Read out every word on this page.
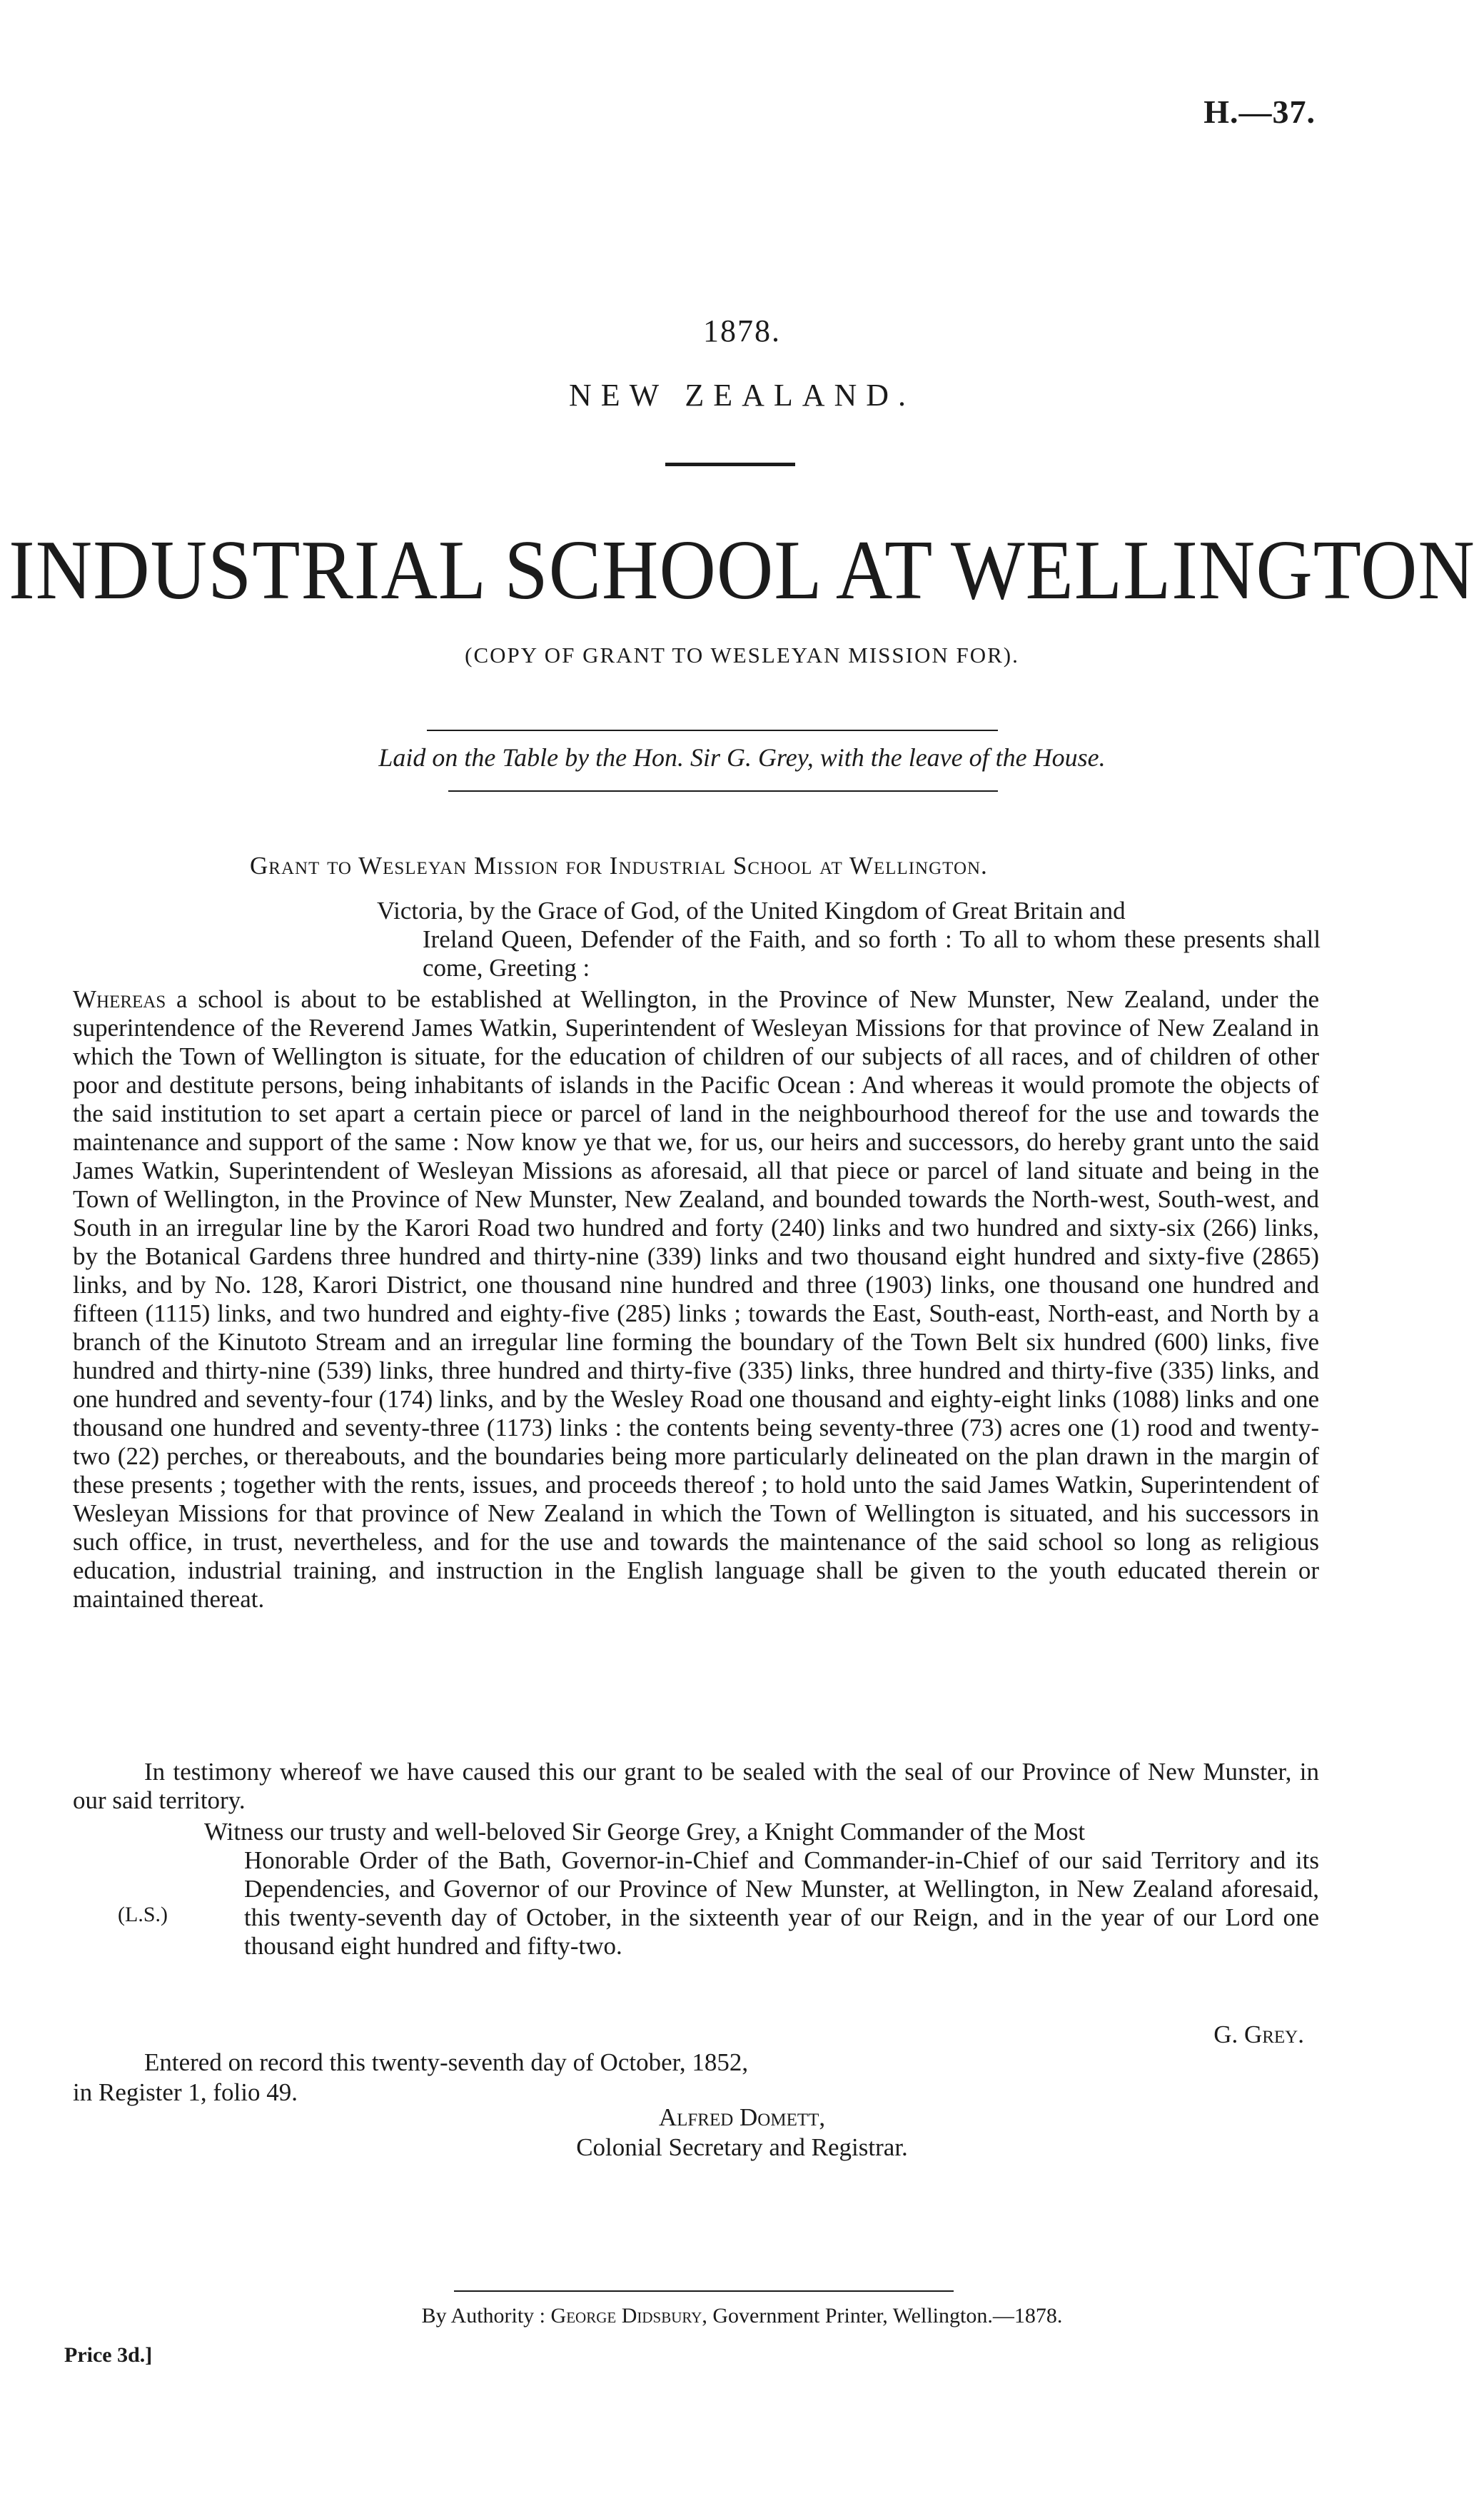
H.—37.
1878.
NEW ZEALAND.
INDUSTRIAL SCHOOL AT WELLINGTON
(COPY OF GRANT TO WESLEYAN MISSION FOR).
Laid on the Table by the Hon. Sir G. Grey, with the leave of the House.
Grant to Wesleyan Mission for Industrial School at Wellington.
Victoria, by the Grace of God, of the United Kingdom of Great Britain and
Ireland Queen, Defender of the Faith, and so forth : To all to whom these presents shall come, Greeting :
Whereas a school is about to be established at Wellington, in the Province of New Munster, New Zealand, under the superintendence of the Reverend James Watkin, Superintendent of Wesleyan Missions for that province of New Zealand in which the Town of Wellington is situate, for the education of children of our subjects of all races, and of children of other poor and destitute persons, being inhabitants of islands in the Pacific Ocean : And whereas it would promote the objects of the said institution to set apart a certain piece or parcel of land in the neighbourhood thereof for the use and towards the maintenance and support of the same : Now know ye that we, for us, our heirs and successors, do hereby grant unto the said James Watkin, Superintendent of Wesleyan Missions as aforesaid, all that piece or parcel of land situate and being in the Town of Wellington, in the Province of New Munster, New Zealand, and bounded towards the North-west, South-west, and South in an irregular line by the Karori Road two hundred and forty (240) links and two hundred and sixty-six (266) links, by the Botanical Gardens three hundred and thirty-nine (339) links and two thousand eight hundred and sixty-five (2865) links, and by No. 128, Karori District, one thousand nine hundred and three (1903) links, one thousand one hundred and fifteen (1115) links, and two hundred and eighty-five (285) links ; towards the East, South-east, North-east, and North by a branch of the Kinutoto Stream and an irregular line forming the boundary of the Town Belt six hundred (600) links, five hundred and thirty-nine (539) links, three hundred and thirty-five (335) links, three hundred and thirty-five (335) links, and one hundred and seventy-four (174) links, and by the Wesley Road one thousand and eighty-eight links (1088) links and one thousand one hundred and seventy-three (1173) links : the contents being seventy-three (73) acres one (1) rood and twenty-two (22) perches, or thereabouts, and the boundaries being more particularly delineated on the plan drawn in the margin of these presents ; together with the rents, issues, and proceeds thereof ; to hold unto the said James Watkin, Superintendent of Wesleyan Missions for that province of New Zealand in which the Town of Wellington is situated, and his successors in such office, in trust, nevertheless, and for the use and towards the maintenance of the said school so long as religious education, industrial training, and instruction in the English language shall be given to the youth educated therein or maintained thereat.
In testimony whereof we have caused this our grant to be sealed with the seal of our Province of New Munster, in our said territory.
(L.S.)
Witness our trusty and well-beloved Sir George Grey, a Knight Commander of the Most
Honorable Order of the Bath, Governor-in-Chief and Commander-in-Chief of our said Territory and its Dependencies, and Governor of our Province of New Munster, at Wellington, in New Zealand aforesaid, this twenty-seventh day of October, in the sixteenth year of our Reign, and in the year of our Lord one thousand eight hundred and fifty-two.
G. Grey.
Entered on record this twenty-seventh day of October, 1852,
in Register 1, folio 49.
Alfred Domett,
Colonial Secretary and Registrar.
By Authority : George Didsbury, Government Printer, Wellington.—1878.
Price 3d.]
